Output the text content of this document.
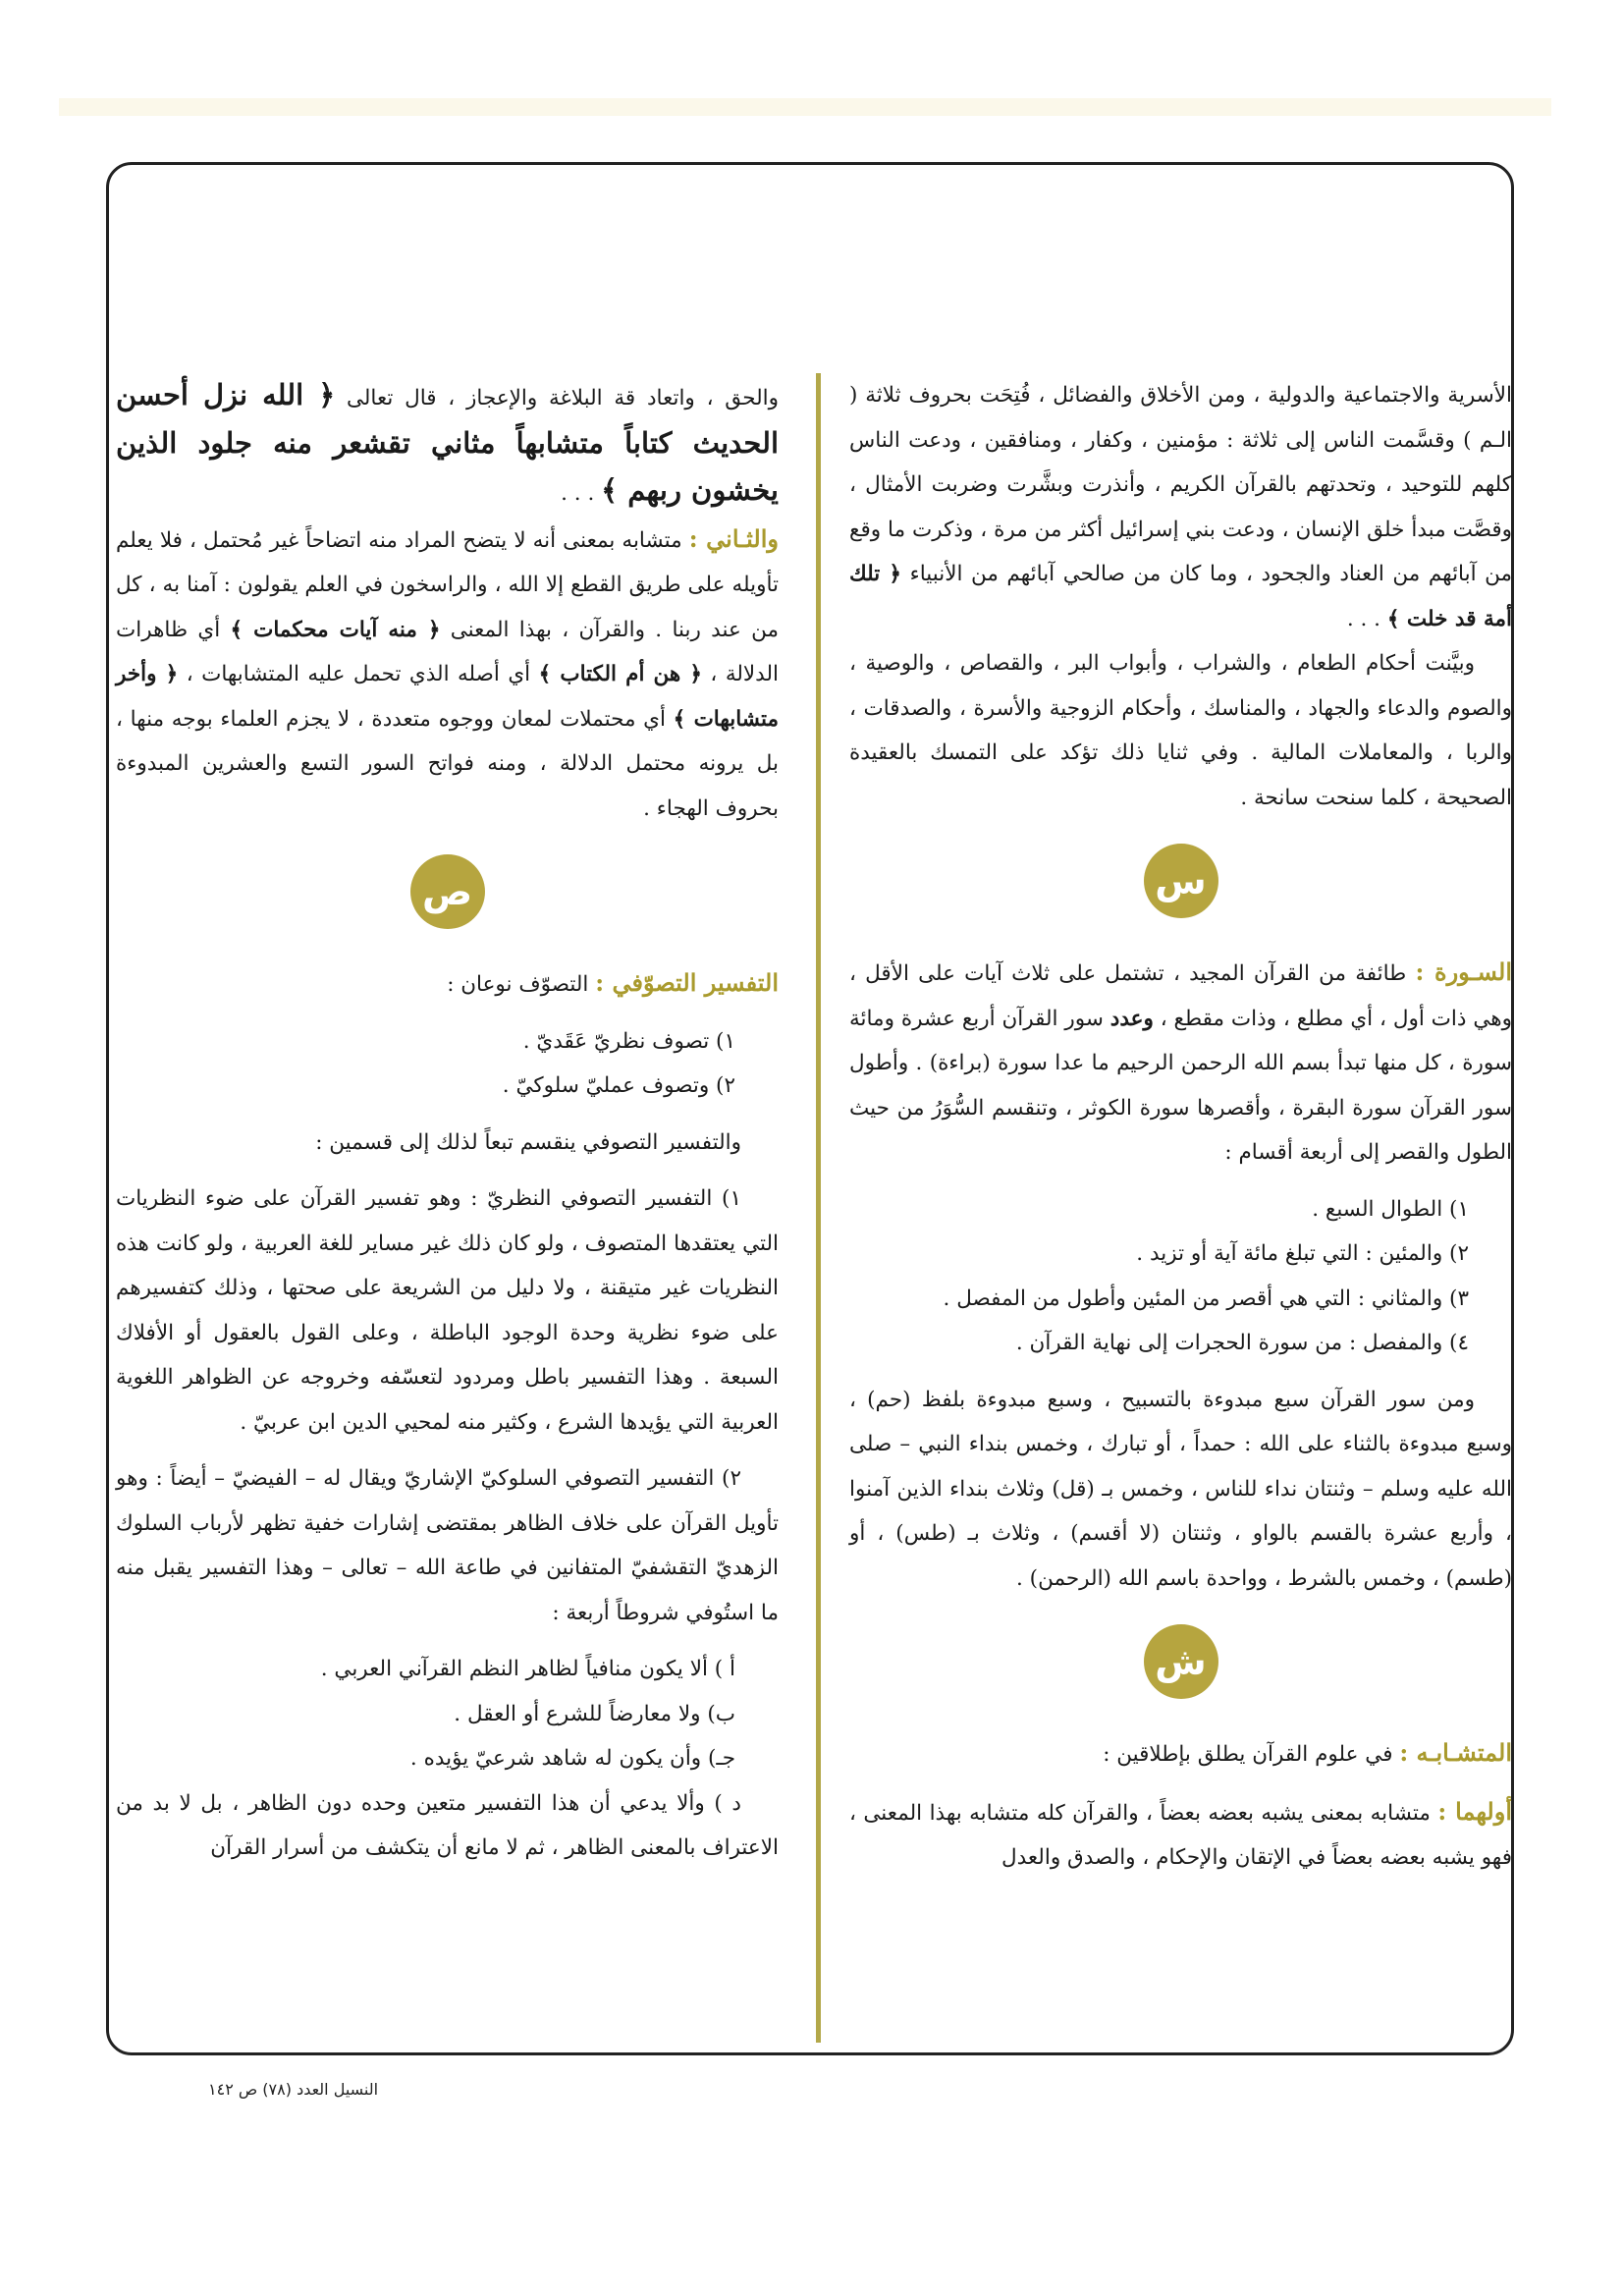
الأسرية والاجتماعية والدولية ، ومن الأخلاق والفضائل ، فُتِحَت بحروف ثلاثة ( الـم ) وقسَّمت الناس إلى ثلاثة : مؤمنين ، وكفار ، ومنافقين ، ودعت الناس كلهم للتوحيد ، وتحدتهم بالقرآن الكريم ، وأنذرت وبشَّرت وضربت الأمثال ، وقصَّت مبدأ خلق الإنسان ، ودعت بني إسرائيل أكثر من مرة ، وذكرت ما وقع من آبائهم من العناد والجحود ، وما كان من صالحي آبائهم من الأنبياء ﴿ تلك أمة قد خلت ﴾ . . .

وبيَّنت أحكام الطعام ، والشراب ، وأبواب البر ، والقصاص ، والوصية ، والصوم والدعاء والجهاد ، والمناسك ، وأحكام الزوجية والأسرة ، والصدقات ، والربا ، والمعاملات المالية . وفي ثنايا ذلك تؤكد على التمسك بالعقيدة الصحيحة ، كلما سنحت سانحة .

س

السـورة : طائفة من القرآن المجيد ، تشتمل على ثلاث آيات على الأقل ، وهي ذات أول ، أي مطلع ، وذات مقطع ، وعدد سور القرآن أربع عشرة ومائة سورة ، كل منها تبدأ بسم الله الرحمن الرحيم ما عدا سورة (براءة) . وأطول سور القرآن سورة البقرة ، وأقصرها سورة الكوثر ، وتنقسم السُّوَرُ من حيث الطول والقصر إلى أربعة أقسام :

١) الطوال السبع .

٢) والمئين : التي تبلغ مائة آية أو تزيد .

٣) والمثاني : التي هي أقصر من المئين وأطول من المفصل .

٤) والمفصل : من سورة الحجرات إلى نهاية القرآن .

ومن سور القرآن سبع مبدوءة بالتسبيح ، وسبع مبدوءة بلفظ (حم) ، وسبع مبدوءة بالثناء على الله : حمداً ، أو تبارك ، وخمس بنداء النبي – صلى الله عليه وسلم – وثنتان نداء للناس ، وخمس بـ (قل) وثلاث بنداء الذين آمنوا ، وأربع عشرة بالقسم بالواو ، وثنتان (لا أقسم) ، وثلاث بـ (طس) ، أو (طسم) ، وخمس بالشرط ، وواحدة باسم الله (الرحمن) .

ش

المتشـابـه : في علوم القرآن يطلق بإطلاقين :

أولهما : متشابه بمعنى يشبه بعضه بعضاً ، والقرآن كله متشابه بهذا المعنى ، فهو يشبه بعضه بعضاً في الإتقان والإحكام ، والصدق والعدل

والحق ، واتعاد قة البلاغة والإعجاز ، قال تعالى ﴿ الله نزل أحسن الحديث كتاباً متشابهاً مثاني تقشعر منه جلود الذين يخشون ربهم ﴾ . . .

والثـاني : متشابه بمعنى أنه لا يتضح المراد منه اتضاحاً غير مُحتمل ، فلا يعلم تأويله على طريق القطع إلا الله ، والراسخون في العلم يقولون : آمنا به ، كل من عند ربنا . والقرآن ، بهذا المعنى ﴿ منه آيات محكمات ﴾ أي ظاهرات الدلالة ، ﴿ هن أم الكتاب ﴾ أي أصله الذي تحمل عليه المتشابهات ، ﴿ وأخر متشابهات ﴾ أي محتملات لمعان ووجوه متعددة ، لا يجزم العلماء بوجه منها ، بل يرونه محتمل الدلالة ، ومنه فواتح السور التسع والعشرين المبدوءة بحروف الهجاء .

ص

التفسير التصوّفي : التصوّف نوعان :

١) تصوف نظريّ عَقَديّ .

٢) وتصوف عمليّ سلوكيّ .

والتفسير التصوفي ينقسم تبعاً لذلك إلى قسمين :

١) التفسير التصوفي النظريّ : وهو تفسير القرآن على ضوء النظريات التي يعتقدها المتصوف ، ولو كان ذلك غير مساير للغة العربية ، ولو كانت هذه النظريات غير متيقنة ، ولا دليل من الشريعة على صحتها ، وذلك كتفسيرهم على ضوء نظرية وحدة الوجود الباطلة ، وعلى القول بالعقول أو الأفلاك السبعة . وهذا التفسير باطل ومردود لتعسّفه وخروجه عن الظواهر اللغوية العربية التي يؤيدها الشرع ، وكثير منه لمحيي الدين ابن عربيّ .

٢) التفسير التصوفي السلوكيّ الإشاريّ ويقال له – الفيضيّ – أيضاً : وهو تأويل القرآن على خلاف الظاهر بمقتضى إشارات خفية تظهر لأرباب السلوك الزهديّ التقشفيّ المتفانين في طاعة الله – تعالى – وهذا التفسير يقبل منه ما استُوفي شروطاً أربعة :

أ ) ألا يكون منافياً لظاهر النظم القرآني العربي .

ب) ولا معارضاً للشرع أو العقل .

جـ) وأن يكون له شاهد شرعيّ يؤيده .

د ) وألا يدعي أن هذا التفسير متعين وحده دون الظاهر ، بل لا بد من الاعتراف بالمعنى الظاهر ، ثم لا مانع أن يتكشف من أسرار القرآن

النسيل العدد (٧٨) ص ١٤٢
